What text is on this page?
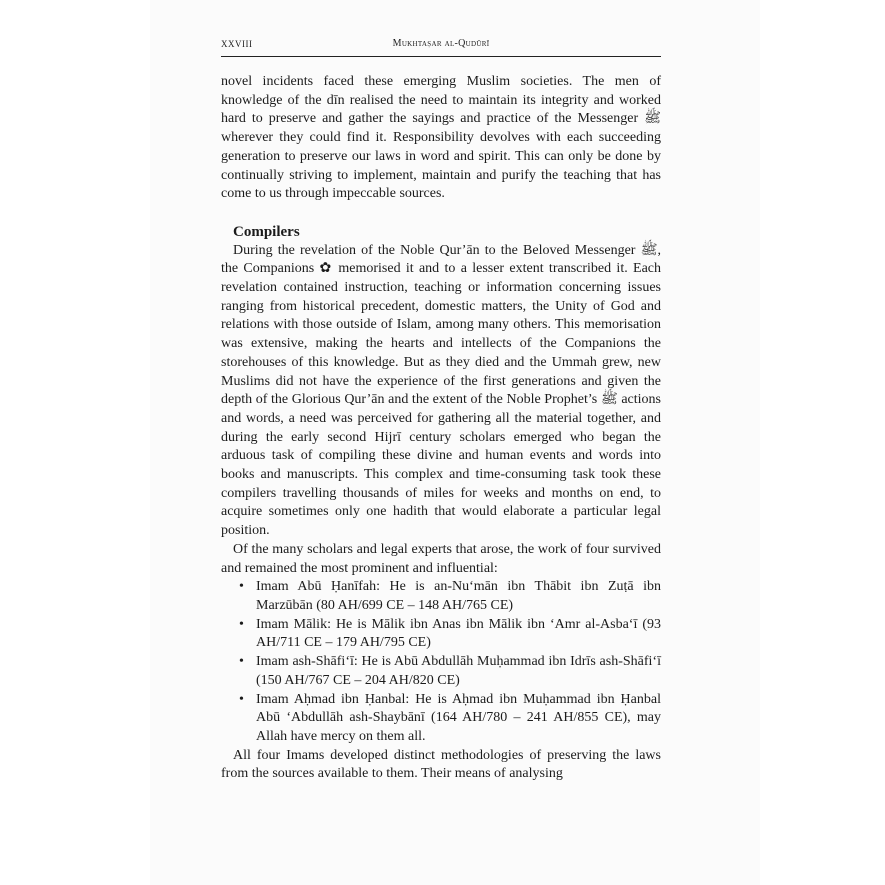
XXVIII	Mukhtaṣar al-Qudūrī

novel incidents faced these emerging Muslim societies. The men of knowledge of the dīn realised the need to maintain its integrity and worked hard to preserve and gather the sayings and practice of the Messenger ﷺ wherever they could find it. Responsibility devolves with each succeeding generation to preserve our laws in word and spirit. This can only be done by continually striving to implement, maintain and purify the teaching that has come to us through impeccable sources.

Compilers

During the revelation of the Noble Qur’ān to the Beloved Messenger ﷺ, the Companions ✿ memorised it and to a lesser extent transcribed it. Each revelation contained instruction, teaching or information concerning issues ranging from historical precedent, domestic matters, the Unity of God and relations with those outside of Islam, among many others. This memorisation was extensive, making the hearts and intellects of the Companions the storehouses of this knowledge. But as they died and the Ummah grew, new Muslims did not have the experience of the first generations and given the depth of the Glorious Qur’ān and the extent of the Noble Prophet’s ﷺ actions and words, a need was perceived for gathering all the material together, and during the early second Hijrī century scholars emerged who began the arduous task of compiling these divine and human events and words into books and manuscripts. This complex and time-consuming task took these compilers travelling thousands of miles for weeks and months on end, to acquire sometimes only one hadith that would elaborate a particular legal position.

Of the many scholars and legal experts that arose, the work of four survived and remained the most prominent and influential:

• Imam Abū Ḥanīfah: He is an-Nu‘mān ibn Thābit ibn Zuṭā ibn Marzūbān (80 AH/699 CE – 148 AH/765 CE)
• Imam Mālik: He is Mālik ibn Anas ibn Mālik ibn ‘Amr al-Asba‘ī (93 AH/711 CE – 179 AH/795 CE)
• Imam ash-Shāfi‘ī: He is Abū Abdullāh Muḥammad ibn Idrīs ash-Shāfi‘ī (150 AH/767 CE – 204 AH/820 CE)
• Imam Aḥmad ibn Ḥanbal: He is Aḥmad ibn Muḥammad ibn Ḥanbal Abū ‘Abdullāh ash-Shaybānī (164 AH/780 – 241 AH/855 CE), may Allah have mercy on them all.

All four Imams developed distinct methodologies of preserving the laws from the sources available to them. Their means of analysing
